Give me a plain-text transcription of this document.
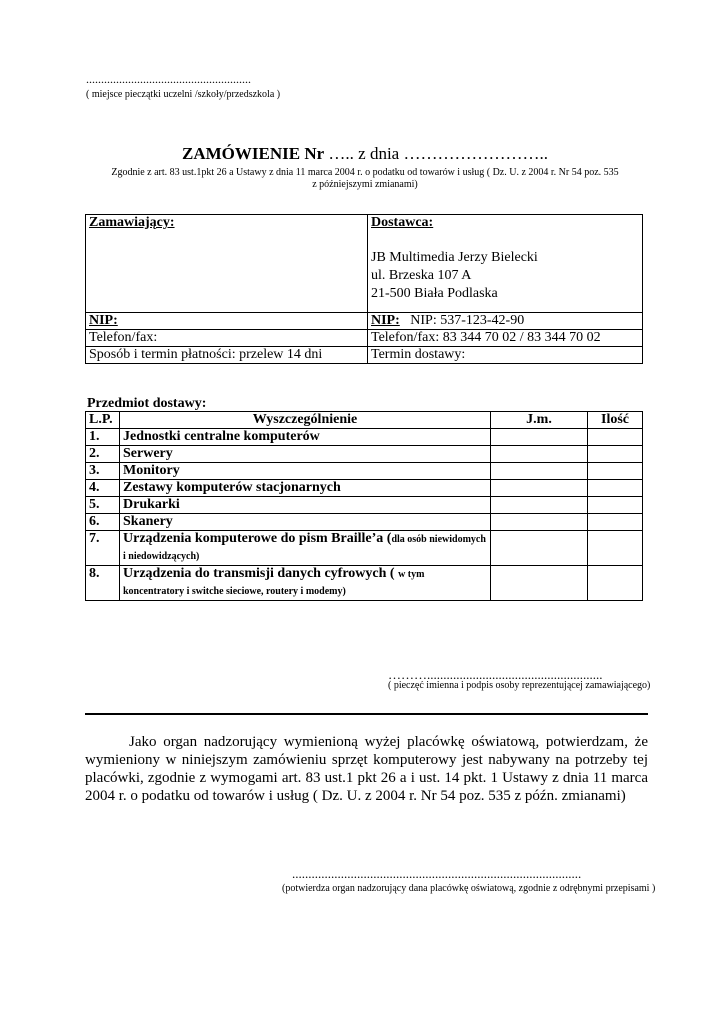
.......................................................
( miejsce pieczątki uczelni /szkoły/przedszkola )
ZAMÓWIENIE Nr ….. z dnia ……………………..
Zgodnie z art. 83 ust.1pkt 26 a Ustawy z dnia 11 marca 2004 r. o podatku od towarów i usług ( Dz. U. z 2004 r. Nr 54 poz. 535
z późniejszymi zmianami)
Zamawiający:	Dostawca:
JB Multimedia Jerzy Bielecki
ul. Brzeska 107 A
21-500 Biała Podlaska

NIP:	NIP: NIP: 537-123-42-90
Telefon/fax:	Telefon/fax: 83 344 70 02 / 83 344 70 02
Sposób i termin płatności: przelew 14 dni	Termin dostawy:
Przedmiot dostawy:
L.P.	Wyszczególnienie	J.m.	Ilość
1.	Jednostki centralne komputerów		
2.	Serwery		
3.	Monitory		
4.	Zestawy komputerów stacjonarnych		
5.	Drukarki		
6.	Skanery		
7.	Urządzenia komputerowe do pism Braille’a (dla osób niewidomych i niedowidzących)		
8.	Urządzenia do transmisji danych cyfrowych ( w tym koncentratory i switche sieciowe, routery i modemy)		
………......................................................
( pieczęć imienna i podpis osoby reprezentującej zamawiającego)
Jako organ nadzorujący wymienioną wyżej placówkę oświatową, potwierdzam, że wymieniony w niniejszym zamówieniu sprzęt komputerowy jest nabywany na potrzeby tej placówki, zgodnie z wymogami art. 83 ust.1 pkt 26 a i ust. 14 pkt. 1 Ustawy z dnia 11 marca 2004 r. o podatku od towarów i usług ( Dz. U. z 2004 r. Nr 54 poz. 535 z późn. zmianami)
.........................................................................................
(potwierdza organ nadzorujący dana placówkę oświatową, zgodnie z odrębnymi przepisami )
